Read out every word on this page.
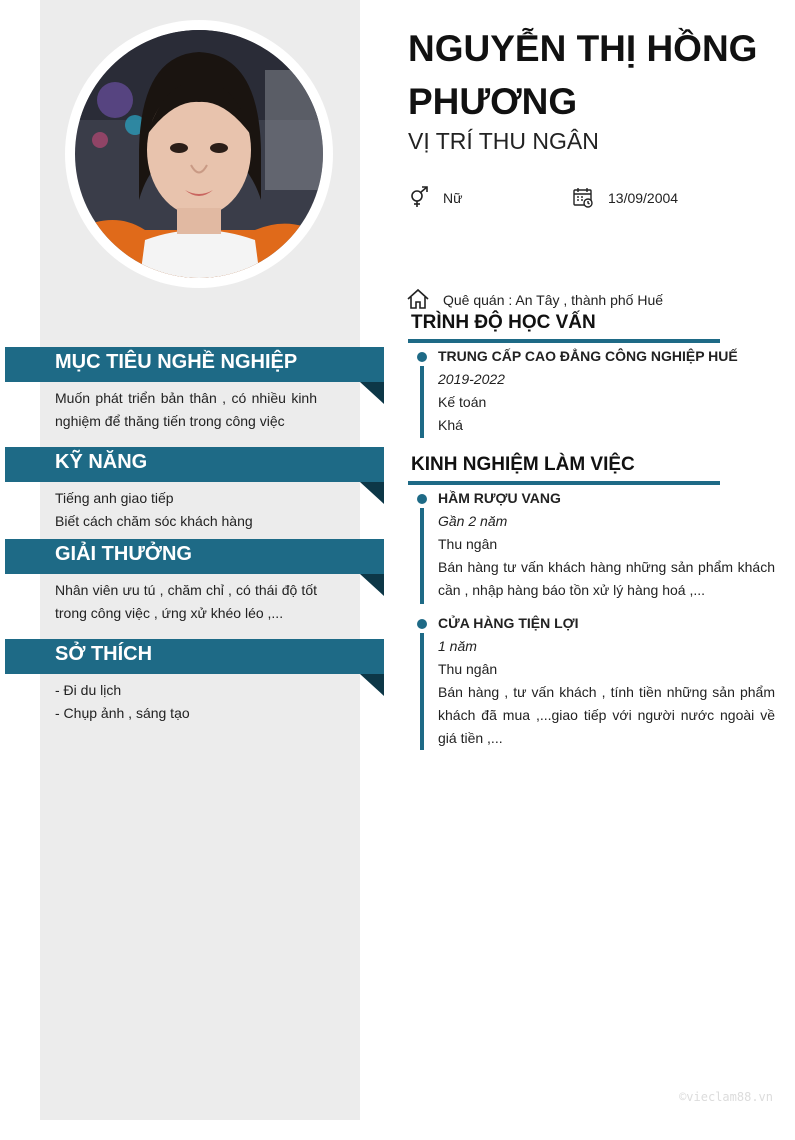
MỤC TIÊU NGHỀ NGHIỆP
Muốn phát triển bản thân , có nhiều kinh nghiệm để thăng tiến trong công việc
KỸ NĂNG
Tiếng anh giao tiếp
Biết cách chăm sóc khách hàng
GIẢI THƯỞNG
Nhân viên ưu tú , chăm chỉ , có thái độ tốt trong công việc , ứng xử khéo léo ,...
SỞ THÍCH
- Đi du lịch
- Chụp ảnh , sáng tạo
NGUYỄN THỊ HỒNG PHƯƠNG
VỊ TRÍ THU NGÂN
Nữ	13/09/2004
Quê quán : An Tây , thành phố Huế
TRÌNH ĐỘ HỌC VẤN
TRUNG CẤP CAO ĐẲNG CÔNG NGHIỆP HUẾ
2019-2022
Kế toán
Khá
KINH NGHIỆM LÀM VIỆC
HẦM RƯỢU VANG
Gần 2 năm
Thu ngân
Bán hàng tư vấn khách hàng những sản phẩm khách cần , nhập hàng báo tồn xử lý hàng hoá ,...
CỬA HÀNG TIỆN LỢI
1 năm
Thu ngân
Bán hàng , tư vấn khách , tính tiền những sản phẩm khách đã mua ,...giao tiếp với người nước ngoài về giá tiền ,...
©vieclam88.vn
